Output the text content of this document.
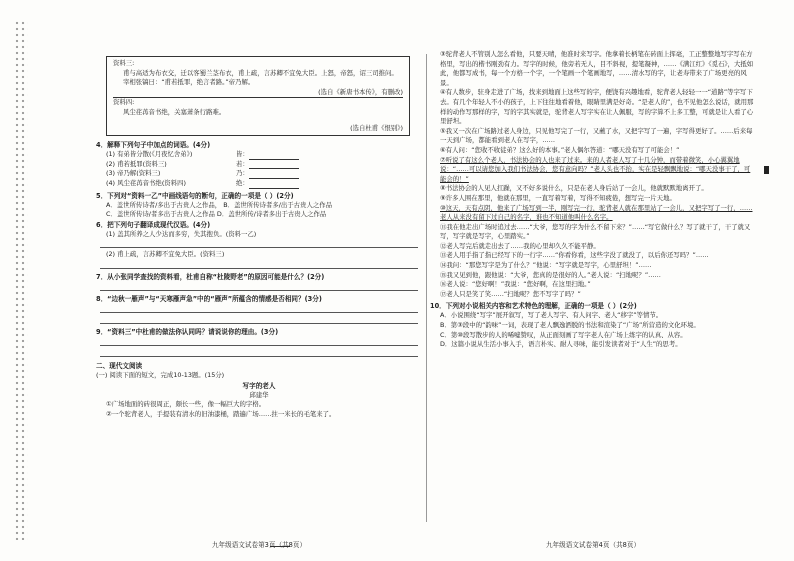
资料三:

甫与高适为布衣交，迁以客蜀兰茎布衣，甫上疏，言苏卿不宜免大臣。上怒，帝怒，诏三司推问。宰相张镐曰：“甫若抵罪，绝言者路。”帝乃解。

(选自《新唐书本传》，有删改)

资料四:

风尘荏苒音书绝，关塞萧条行路难。

(选自杜甫《恨别》)

4．解释下列句子中加点的词语。(4分)

(1) 有弟皆分散(《月夜忆舍弟》)	皆：

(2) 甫若抵罪(资料三)	若：

(3) 帝乃解(资料三)	乃：

(4) 风尘荏苒音书绝(资料四)	绝：

5．下列对“资料一乙”中画线语句的断句，正确的一项是（ ）(2分)

A．盖世所传诗者/多出于古贵人之作品， B．盖世所传诗者多/出于古贵人之作品

C．盖世所传诗/者多出于古贵人之作品 D．盖世所传/诗者多出于古贵人之作品

6．把下列句子翻译成现代汉语。(4分)

(1) 盖其所养之人少达而多穷，失其抱负。(资料一乙)

(2) 甫上疏，言苏卿不宜免大臣。(资料三)

7．从小张同学查找的资料看，杜甫自称“杜陵野老”的原因可能是什么？(2分)

8．“边秋一雁声”与“天寒雁声急”中的“雁声”所蕴含的情感是否相同？(3分)

9．“资料三”中杜甫的做法你认同吗？请说说你的理由。(3分)

二、现代文阅读

(一) 阅读下面的短文，完成10-13题。(15分)

写字的老人

邱建华

①广场地面的砖很周正，颇长一些，像一幅巨大的字格。

②一个驼背老人，手提装有清水的旧油漆桶，踏遍广场……拄一米长的毛笔来了。

九年级语文试卷第3页（共8页）

③驼背老人不管别人怎么看他，只要天晴，他准时来写字。他拿着长柄笔在砖面上挥毫，工正整整地写字写在方格里，写出的楷书刚劲有力。写字的时候，他旁若无人，目不斜视，提笔凝神，……《满江红》《觅石》，大抵如此，他都写成书，每一个方格一个字，一个笔画一个笔画地写，……清水写的字，让老寿带来了广场更亮的风景。

④有人数步，驻身走进了广场，找来到地面上这些写的字，便饶有兴趣地看，驼背老人轻轻一一“道路”等字写下去。有几个年轻人不小的孩子，上下往往地看着他，眼睛里满是好奇。“是老人的”，也不见他怎么说话，就用那样的动作写那样的字，写的字其实就是，驼背老人写字实在让人佩服，写的字算不上多工整，可就是让人看了心里舒坦。

⑤我又一次在广场路过老人身边，只见他写完了一行，又蘸了水，又把字写了一遍，字写得更好了。……后来每一天到广场，都能看到老人在写字，……

⑥有人问：“您收不收徒弟？这么好的本事。”老人偶尔答道：“哪天没有写了可能会！”

⑦听说了有这么个老人，书法协会的人也来了过来。来的人者老人写了十几分钟，而带着微笑，小心翼翼地说：“……可以请您加入我们书法协会，您有意向吗？”老人头也不抬，实在是轻飘飘地说：“哪天没事干了，可能会的！”

⑧书法协会的人见人扛躁，又不好多说什么，只是在老人身后站了一会儿，他就默默地离开了。

⑨许多人围在那里，他就在那里，一直写着写着，写得不知疲倦，想写完一片天地。

⑩这天，天有点阴，他来了广场写到一半，刚写完一行，驼背老人就在那里站了一会儿，又把字写了一行，……老人从来没有留下过自己的名字，谁也不知道他叫什么名字。

⑪我在他走出广场时追过去……“大爷，您写的字为什么不留下来？”……“写它做什么？写了就干了，干了就又写，写字就是写字，心里踏实。”

⑫老人写完后就走出去了……我的心里却久久不能平静。

⑬老人用手指了指已经写下的一行字……“你看你看，这些字没了就没了，以后你还写吗？”……

⑭我问：“那您写字是为了什么？”他说：“写字就是写字，心里舒坦！”……

⑮我又见到他，跟他说：“大爷，您真的是很好的人。”老人说：“扫地呢？”……

⑯老人说：“您好啊！”我说：“您好啊，在这里扫地。”

⑰老人只是笑了笑……“扫地呢？您不写字了吗？”

10．下列对小说相关内容和艺术特色的理解，正确的一项是（ ）(2分)

A．小说围绕“写字”展开叙写，写了老人写字、有人问字、老人“移字”等情节。

B．第③段中的“韵味”一词，表现了老人飘逸洒脱的书法和渲染了“广场”所营造的文化环境。

C．第⑩段写散步的人的唏嘘赞叹，从正面刻画了写字老人在广场上练字的认真、从容。

D．这篇小说从生活小事入手，语言朴实、耐人寻味，能引发读者对于“人生”的思考。

九年级语文试卷第4页（共8页）
